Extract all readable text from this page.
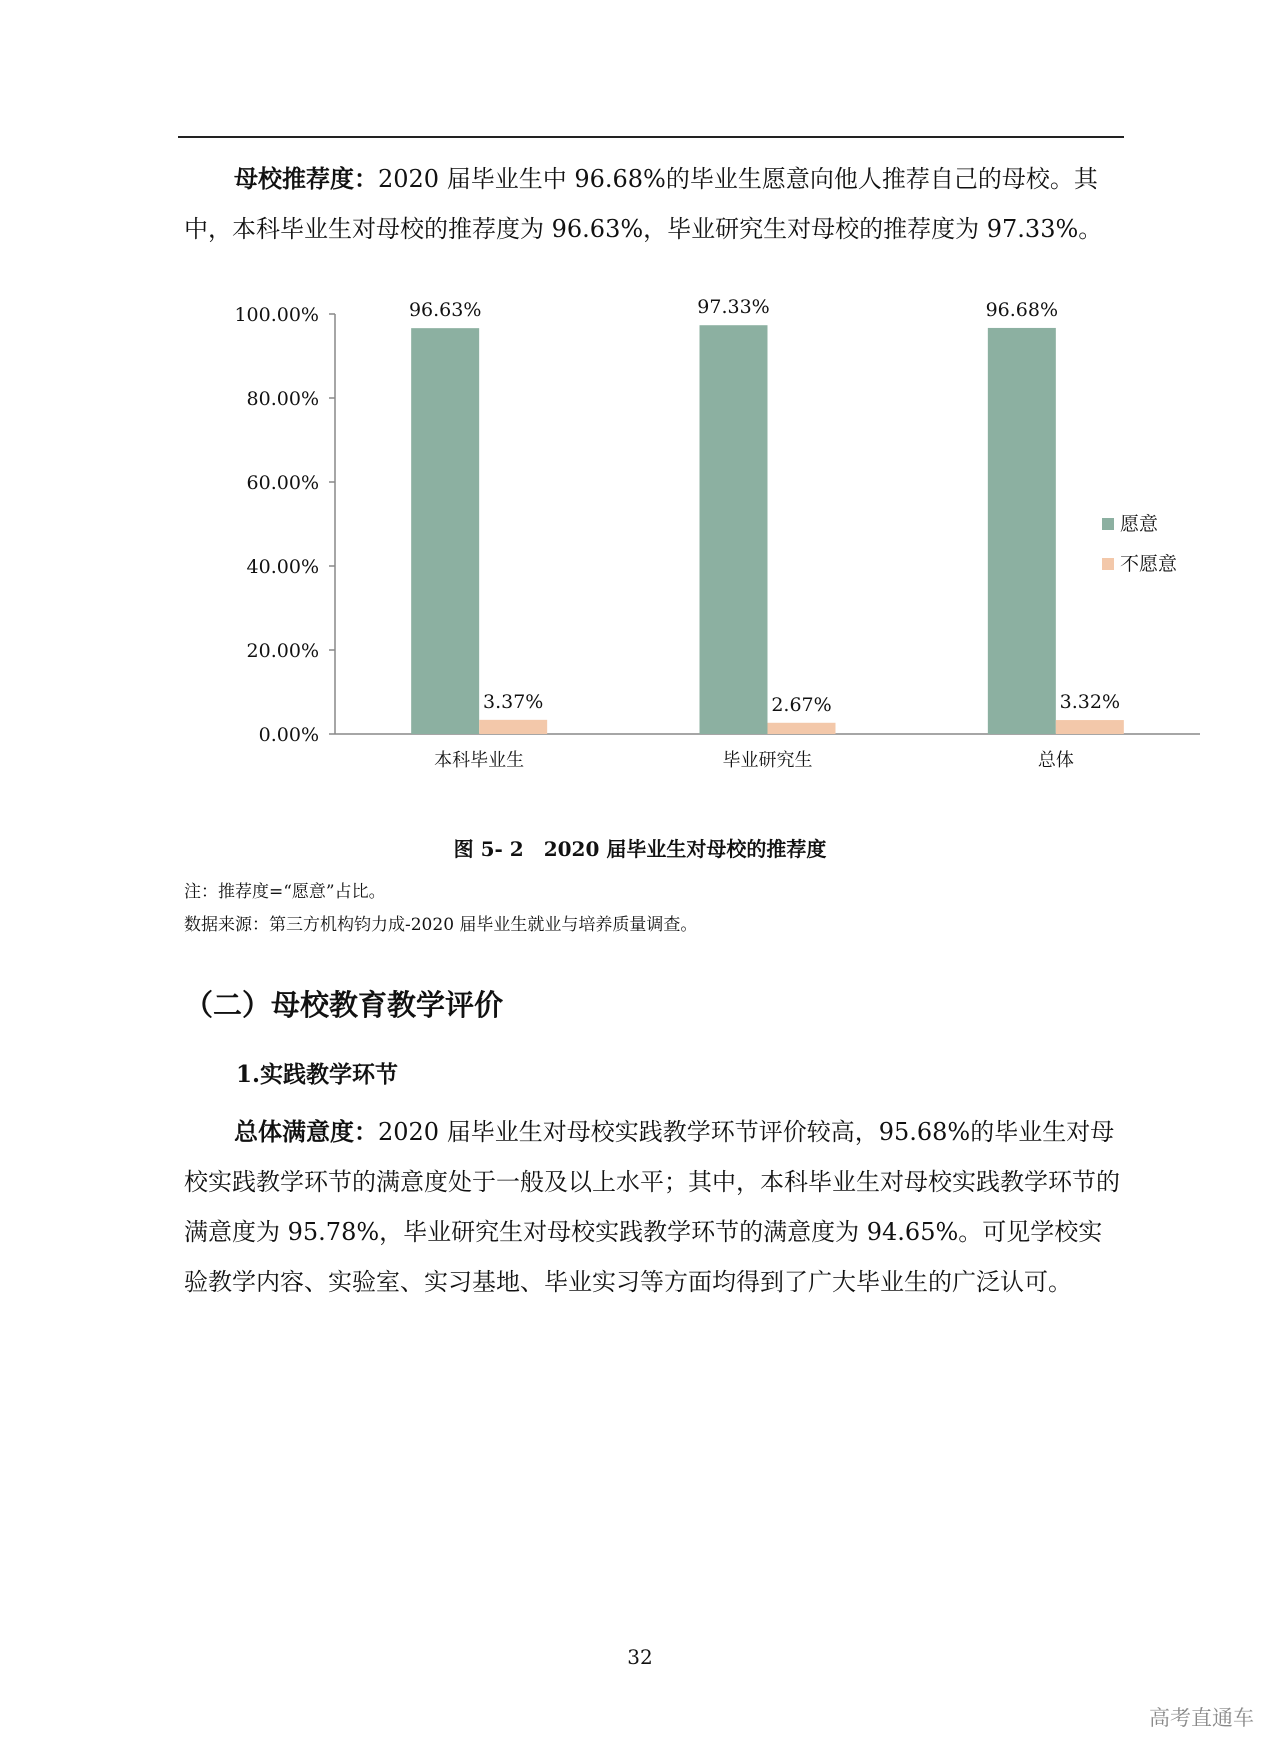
母校推荐度：2020 届毕业生中 96.68%的毕业生愿意向他人推荐自己的母校。其中，本科毕业生对母校的推荐度为 96.63%，毕业研究生对母校的推荐度为 97.33%。

0.00%
20.00%
40.00%
60.00%
80.00%
100.00%	96.63%
3.37%
本科毕业生
97.33%
2.67%
毕业研究生
96.68%
3.32%
总体
愿意
不愿意
图 5- 2　2020 届毕业生对母校的推荐度
注：推荐度=“愿意”占比。
数据来源：第三方机构钧力成-2020 届毕业生就业与培养质量调查。
（二）母校教育教学评价
1.实践教学环节

总体满意度：2020 届毕业生对母校实践教学环节评价较高，95.68%的毕业生对母校实践教学环节的满意度处于一般及以上水平；其中，本科毕业生对母校实践教学环节的满意度为 95.78%，毕业研究生对母校实践教学环节的满意度为 94.65%。可见学校实验教学内容、实验室、实习基地、毕业实习等方面均得到了广大毕业生的广泛认可。

32
高考直通车
